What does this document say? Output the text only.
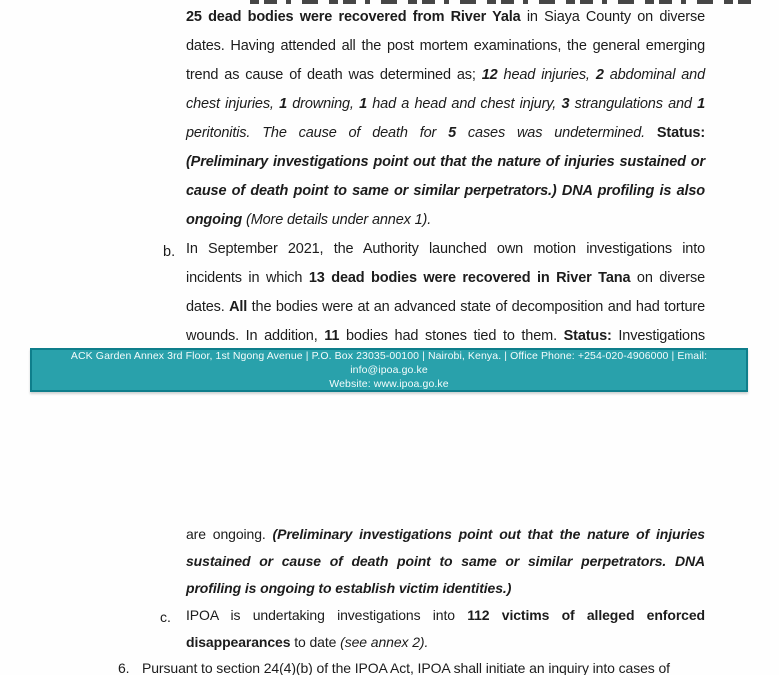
25 dead bodies were recovered from River Yala in Siaya County on diverse dates. Having attended all the post mortem examinations, the general emerging trend as cause of death was determined as; 12 head injuries, 2 abdominal and chest injuries, 1 drowning, 1 had a head and chest injury, 3 strangulations and 1 peritonitis. The cause of death for 5 cases was undetermined. Status: (Preliminary investigations point out that the nature of injuries sustained or cause of death point to same or similar perpetrators.) DNA profiling is also ongoing (More details under annex 1).

In September 2021, the Authority launched own motion investigations into incidents in which 13 dead bodies were recovered in River Tana on diverse dates. All the bodies were at an advanced state of decomposition and had torture wounds. In addition, 11 bodies had stones tied to them. Status: Investigations

b.
ACK Garden Annex 3rd Floor, 1st Ngong Avenue | P.O. Box 23035-00100 | Nairobi, Kenya. | Office Phone: +254-020-4906000 | Email: info@ipoa.go.ke
Website: www.ipoa.go.ke

are ongoing. (Preliminary investigations point out that the nature of injuries sustained or cause of death point to same or similar perpetrators. DNA profiling is ongoing to establish victim identities.)

IPOA is undertaking investigations into 112 victims of alleged enforced disappearances to date (see annex 2).

c.
6. Pursuant to section 24(4)(b) of the IPOA Act, IPOA shall initiate an inquiry into cases of
